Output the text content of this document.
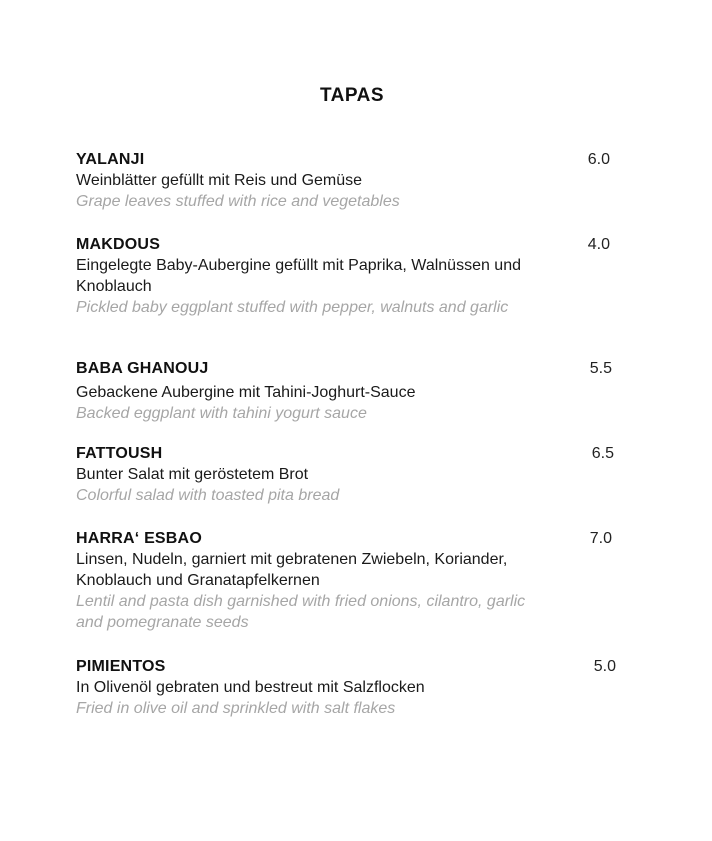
TAPAS
YALANJI
Weinblätter gefüllt mit Reis und Gemüse
Grape leaves stuffed with rice and vegetables
6.0
MAKDOUS
Eingelegte Baby-Aubergine gefüllt mit Paprika, Walnüssen und Knoblauch
Pickled baby eggplant stuffed with pepper, walnuts and garlic
4.0
BABA GHANOUJ
Gebackene Aubergine mit Tahini-Joghurt-Sauce
Backed eggplant with tahini yogurt sauce
5.5
FATTOUSH
Bunter Salat mit geröstetem Brot
Colorful salad with toasted pita bread
6.5
HARRA‘ ESBAO
Linsen, Nudeln, garniert mit gebratenen Zwiebeln, Koriander, Knoblauch und Granatapfelkernen
Lentil and pasta dish garnished with fried onions, cilantro, garlic and pomegranate seeds
7.0
PIMIENTOS
In Olivenöl gebraten und bestreut mit Salzflocken
Fried in olive oil and sprinkled with salt flakes
5.0
